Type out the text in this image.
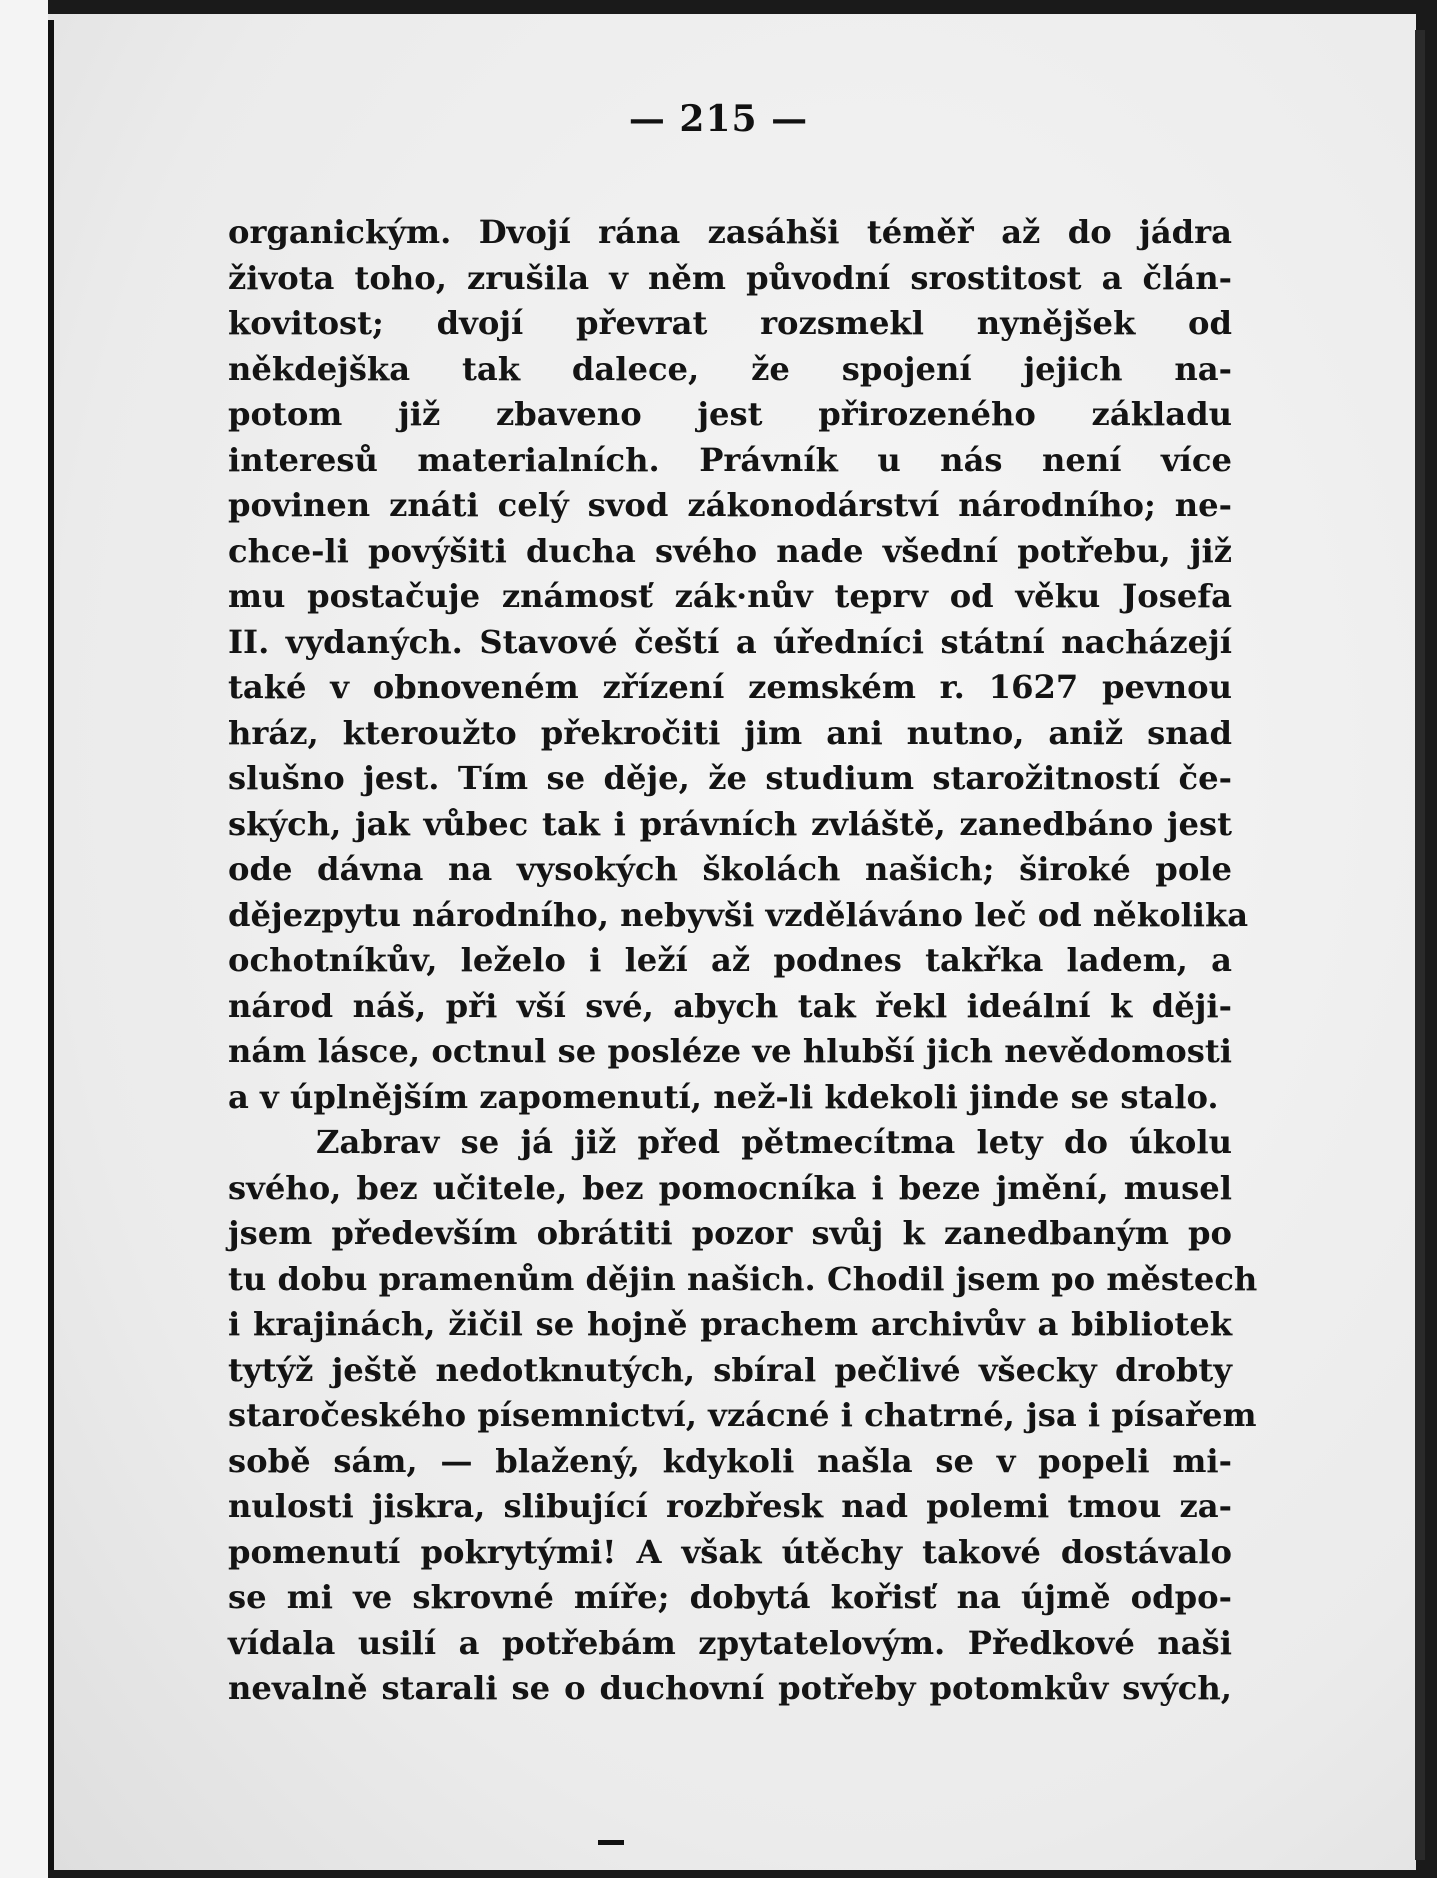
— 215 —
organickým. Dvojí rána zasáhši téměř až do jádra
života toho, zrušila v něm původní srostitost a člán-
kovitost; dvojí převrat rozsmekl nynějšek od
někdejška tak dalece, že spojení jejich na-
potom již zbaveno jest přirozeného základu
interesů materialních. Právník u nás není více
povinen znáti celý svod zákonodárství národního; ne-
chce-li povýšiti ducha svého nade všední potřebu, již
mu postačuje známosť zák·nův teprv od věku Josefa
II. vydaných. Stavové čeští a úředníci státní nacházejí
také v obnoveném zřízení zemském r. 1627 pevnou
hráz, kteroužto překročiti jim ani nutno, aniž snad
slušno jest. Tím se děje, že studium starožitností če-
ských, jak vůbec tak i právních zvláště, zanedbáno jest
ode dávna na vysokých školách našich; široké pole
dějezpytu národního, nebyvši vzděláváno leč od několika
ochotníkův, leželo i leží až podnes takřka ladem, a
národ náš, při vší své, abych tak řekl ideální k ději-
nám lásce, octnul se posléze ve hlubší jich nevědomosti
a v úplnějším zapomenutí, než-li kdekoli jinde se stalo.
Zabrav se já již před pětmecítma lety do úkolu
svého, bez učitele, bez pomocníka i beze jmění, musel
jsem především obrátiti pozor svůj k zanedbaným po
tu dobu pramenům dějin našich. Chodil jsem po městech
i krajinách, žičil se hojně prachem archivův a bibliotek
tytýž ještě nedotknutých, sbíral pečlivé všecky drobty
staročeského písemnictví, vzácné i chatrné, jsa i písařem
sobě sám, — blažený, kdykoli našla se v popeli mi-
nulosti jiskra, slibující rozbřesk nad polemi tmou za-
pomenutí pokrytými! A však útěchy takové dostávalo
se mi ve skrovné míře; dobytá kořisť na újmě odpo-
vídala usilí a potřebám zpytatelovým. Předkové naši
nevalně starali se o duchovní potřeby potomkův svých,
